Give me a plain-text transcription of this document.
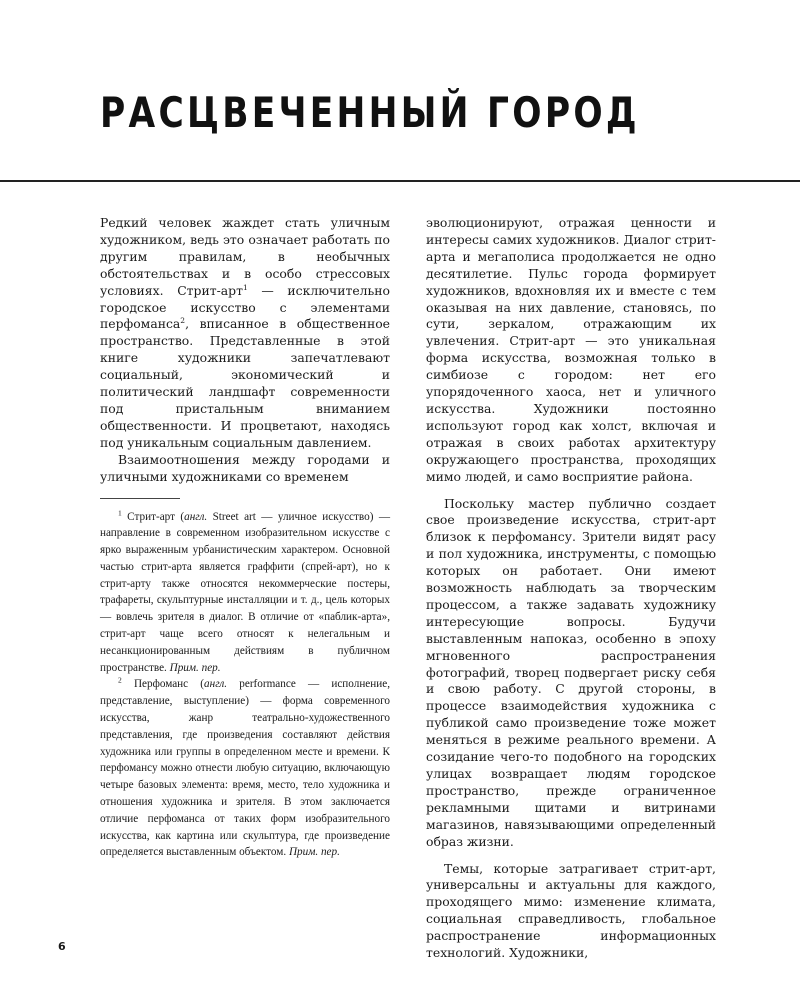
РАСЦВЕЧЕННЫЙ ГОРОД

Редкий человек жаждет стать уличным художником, ведь это означает работать по другим правилам, в необычных обстоятельствах и в особо стрессовых условиях. Стрит-арт$^1$ — исключительно городское искусство с элементами перфоманса$^2$, вписанное в общественное пространство. Представленные в этой книге художники запечатлевают социальный, экономический и политический ландшафт современности под пристальным вниманием общественности. И процветают, находясь под уникальным социальным давлением.

Взаимоотношения между городами и уличными художниками со временем

$^1$ Стрит-арт (англ. Street art — уличное искусство) — направление в современном изобразительном искусстве с ярко выраженным урбанистическим характером. Основной частью стрит-арта является граффити (спрей-арт), но к стрит-арту также относятся некоммерческие постеры, трафареты, скульптурные инсталляции и т. д., цель которых — вовлечь зрителя в диалог. В отличие от «паблик-арта», стрит-арт чаще всего относят к нелегальным и несанкционированным действиям в публичном пространстве. Прим. пер.

$^2$ Перфоманс (англ. performance — исполнение, представление, выступление) — форма современного искусства, жанр театрально-художественного представления, где произведения составляют действия художника или группы в определенном месте и времени. К перфомансу можно отнести любую ситуацию, включающую четыре базовых элемента: время, место, тело художника и отношения художника и зрителя. В этом заключается отличие перфоманса от таких форм изобразительного искусства, как картина или скульптура, где произведение определяется выставленным объектом. Прим. пер.

эволюционируют, отражая ценности и интересы самих художников. Диалог стрит-арта и мегаполиса продолжается не одно десятилетие. Пульс города формирует художников, вдохновляя их и вместе с тем оказывая на них давление, становясь, по сути, зеркалом, отражающим их увлечения. Стрит-арт — это уникальная форма искусства, возможная только в симбиозе с городом: нет его упорядоченного хаоса, нет и уличного искусства. Художники постоянно используют город как холст, включая и отражая в своих работах архитектуру окружающего пространства, проходящих мимо людей, и само восприятие района.

Поскольку мастер публично создает свое произведение искусства, стрит-арт близок к перфомансу. Зрители видят расу и пол художника, инструменты, с помощью которых он работает. Они имеют возможность наблюдать за творческим процессом, а также задавать художнику интересующие вопросы. Будучи выставленным напоказ, особенно в эпоху мгновенного распространения фотографий, творец подвергает риску себя и свою работу. С другой стороны, в процессе взаимодействия художника с публикой само произведение тоже может меняться в режиме реального времени. А созидание чего-то подобного на городских улицах возвращает людям городское пространство, прежде ограниченное рекламными щитами и витринами магазинов, навязывающими определенный образ жизни.

Темы, которые затрагивает стрит-арт, универсальны и актуальны для каждого, проходящего мимо: изменение климата, социальная справедливость, глобальное распространение информационных технологий. Художники,

6
